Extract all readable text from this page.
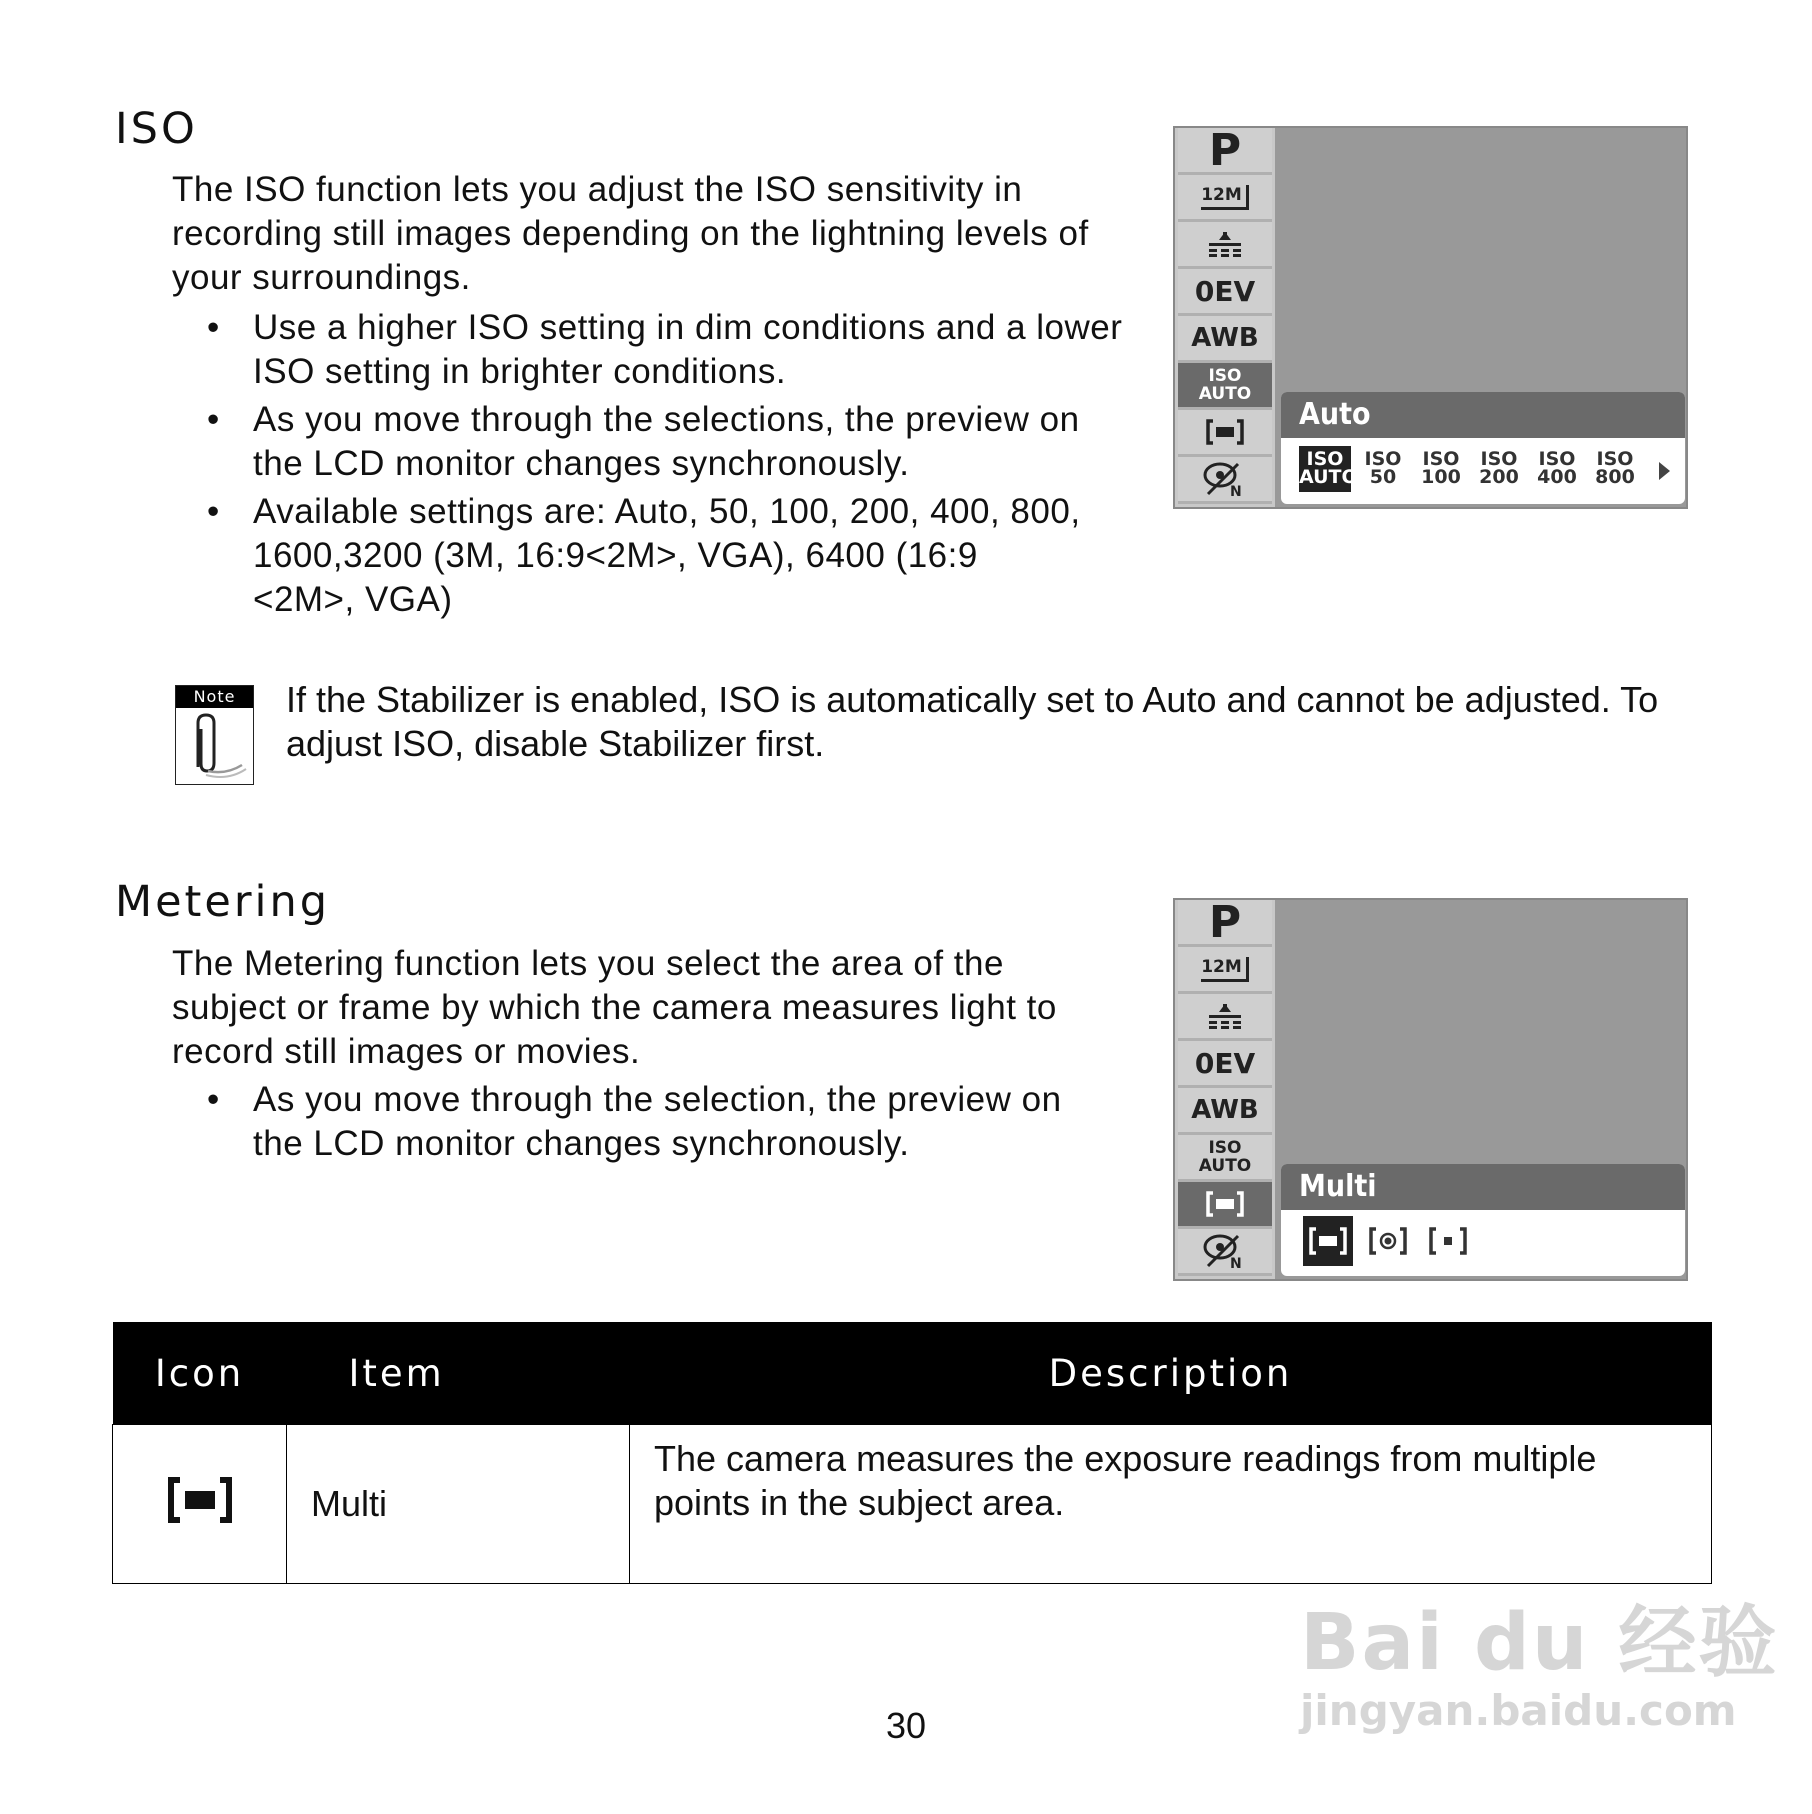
ISO
The ISO function lets you adjust the ISO sensitivity in
recording still images depending on the lightning levels of
your surroundings.
• Use a higher ISO setting in dim conditions and a lower
ISO setting in brighter conditions.
• As you move through the selections, the preview on
the LCD monitor changes synchronously.
• Available settings are: Auto, 50, 100, 200, 400, 800,
1600,3200 (3M, 16:9<2M>, VGA), 6400 (16:9
<2M>, VGA)
P
12M
0EV
AWB
ISO AUTO
N
Auto
ISO
AUTO
ISO
50
ISO
100
ISO
200
ISO
400
ISO
800
Note	If the Stabilizer is enabled, ISO is automatically set to Auto and cannot be adjusted. To
adjust ISO, disable Stabilizer first.
Metering
The Metering function lets you select the area of the
subject or frame by which the camera measures light to
record still images or movies.
• As you move through the selection, the preview on
the LCD monitor changes synchronously.
P
12M
0EV
AWB
ISO AUTO
N
Multi
Icon	Item	Description
	Multi	The camera measures the exposure readings from multiple
points in the subject area.
Bai du 经验
jingyan.baidu.com
30
